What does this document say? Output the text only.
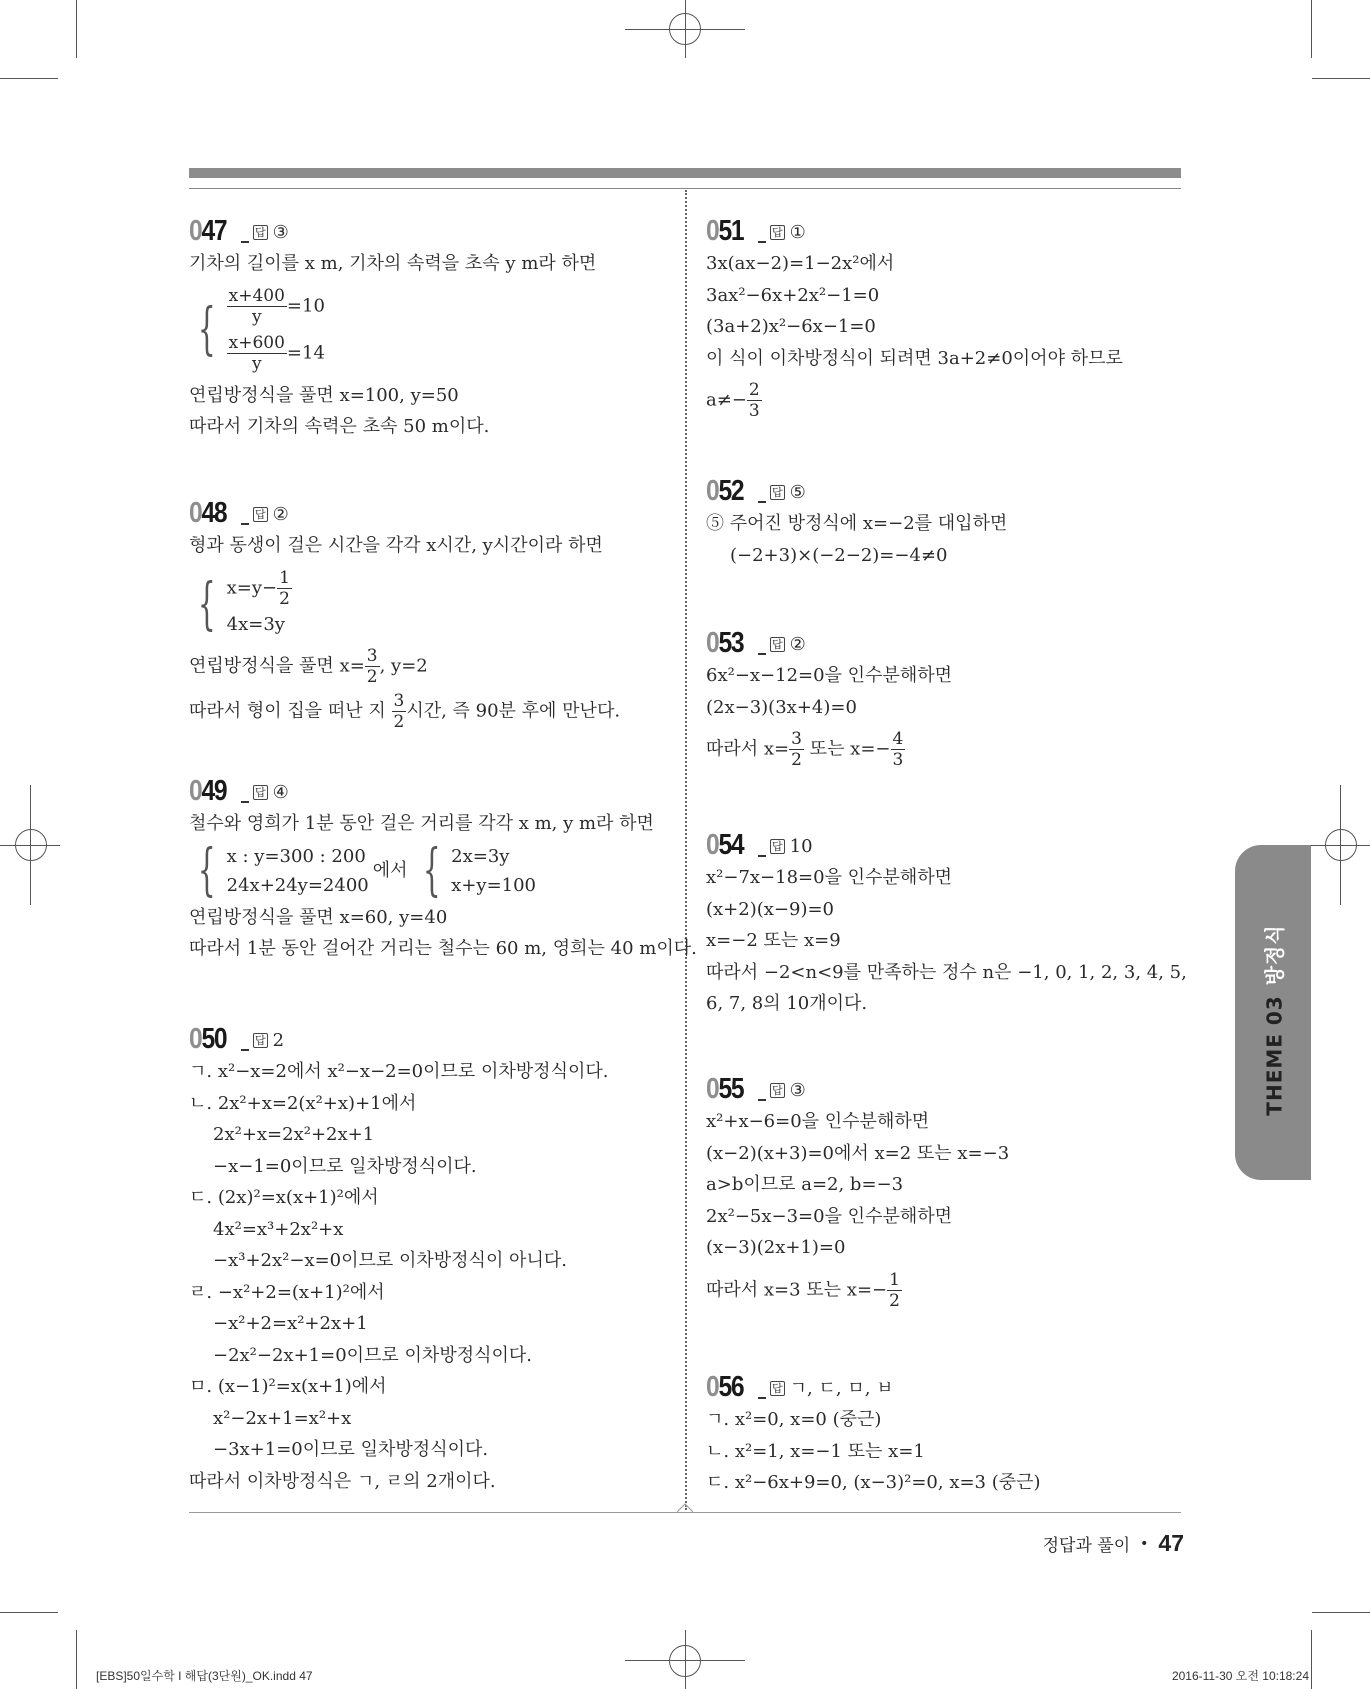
THEME 03방정식
047	답 ③
기차의 길이를 x m, 기차의 속력을 초속 y m라 하면
{ $\frac{x+400}{y} =10$
$\frac{x+600}{y} =14$
연립방정식을 풀면 x=100, y=50
따라서 기차의 속력은 초속 50 m이다.
048	답 ②
형과 동생이 걸은 시간을 각각 x시간, y시간이라 하면
{ $x=y- \frac{1}{2}$
4x=3y
연립방정식을 풀면 $x= \frac{3}{2}$ , y=2
따라서 형이 집을 떠난 지 $\frac{3}{2}$ 시간, 즉 90분 후에 만난다.
049	답 ④
철수와 영희가 1분 동안 걸은 거리를 각각 x m, y m라 하면
{ x : y=300 : 200
24x+24y=2400
에서 { 2x=3y
x+y=100
연립방정식을 풀면 x=60, y=40
따라서 1분 동안 걸어간 거리는 철수는 60 m, 영희는 40 m이다.
050	답 2
ㄱ. x²−x=2에서 x²−x−2=0이므로 이차방정식이다.
ㄴ. 2x²+x=2(x²+x)+1에서
2x²+x=2x²+2x+1
−x−1=0이므로 일차방정식이다.
ㄷ. (2x)²=x(x+1)²에서
4x²=x³+2x²+x
−x³+2x²−x=0이므로 이차방정식이 아니다.
ㄹ. −x²+2=(x+1)²에서
−x²+2=x²+2x+1
−2x²−2x+1=0이므로 이차방정식이다.
ㅁ. (x−1)²=x(x+1)에서
x²−2x+1=x²+x
−3x+1=0이므로 일차방정식이다.
따라서 이차방정식은 ㄱ, ㄹ의 2개이다.
051	답 ①
3x(ax−2)=1−2x²에서
3ax²−6x+2x²−1=0
(3a+2)x²−6x−1=0
이 식이 이차방정식이 되려면 3a+2≠0이어야 하므로
$a\ne- \frac{2}{3}$
052	답 ⑤
⑤ 주어진 방정식에 x=−2를 대입하면
(−2+3)×(−2−2)=−4≠0
053	답 ②
6x²−x−12=0을 인수분해하면
(2x−3)(3x+4)=0
따라서 $x= \frac{3}{2}$ 또는 $x=- \frac{4}{3}$
054	답 10
x²−7x−18=0을 인수분해하면
(x+2)(x−9)=0
x=−2 또는 x=9
따라서 −2<n<9를 만족하는 정수 n은 −1, 0, 1, 2, 3, 4, 5,
6, 7, 8의 10개이다.
055	답 ③
x²+x−6=0을 인수분해하면
(x−2)(x+3)=0에서 x=2 또는 x=−3
a>b이므로 a=2, b=−3
2x²−5x−3=0을 인수분해하면
(x−3)(2x+1)=0
따라서 x=3 또는 $x=- \frac{1}{2}$
056	답 ㄱ, ㄷ, ㅁ, ㅂ
ㄱ. x²=0, x=0 (중근)
ㄴ. x²=1, x=−1 또는 x=1
ㄷ. x²−6x+9=0, (x−3)²=0, x=3 (중근)
정답과 풀이 • 47
[EBS]50일수학 I 해답(3단원)_OK.indd 47	2016-11-30 오전 10:18:24
